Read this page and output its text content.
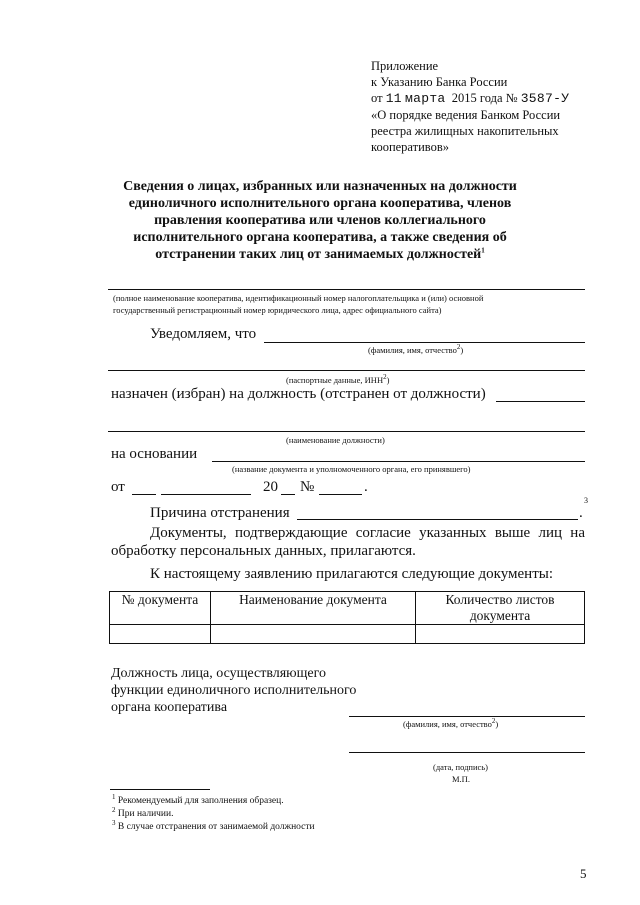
Приложение
к Указанию Банка России
от 11 марта 2015 года № 3587-У
«О порядке ведения Банком России
реестра жилищных накопительных
кооперативов»
Сведения о лицах, избранных или назначенных на должности
единоличного исполнительного органа кооператива, членов
правления кооператива или членов коллегиального
исполнительного органа кооператива, а также сведения об
отстранении таких лиц от занимаемых должностей$^1$
(полное наименование кооператива, идентификационный номер налогоплательщика и (или) основной
государственный регистрационный номер юридического лица, адрес официального сайта)
Уведомляем, что
(фамилия, имя, отчество$^2$)
(паспортные данные, ИНН$^2$)
назначен (избран) на должность (отстранен от должности)
(наименование должности)
на основании
(название документа и уполномоченного органа, его принявшего)
от	20 №	.
Причина отстранения	.
3
Документы, подтверждающие согласие указанных выше лиц на
обработку персональных данных, прилагаются.
К настоящему заявлению прилагаются следующие документы:
№ документа	Наименование документа	Количество листов документа

Должность лица, осуществляющего
функции единоличного исполнительного
органа кооператива
(фамилия, имя, отчество$^2$)
(дата, подпись)
М.П.
$^1$ Рекомендуемый для заполнения образец.
$^2$ При наличии.
$^3$ В случае отстранения от занимаемой должности
5
